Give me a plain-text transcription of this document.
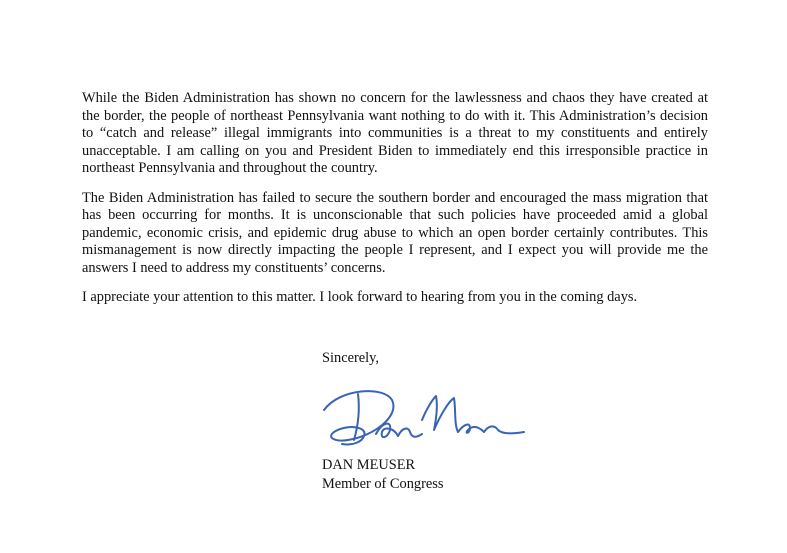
While the Biden Administration has shown no concern for the lawlessness and chaos they have created at the border, the people of northeast Pennsylvania want nothing to do with it. This Administration’s decision to “catch and release” illegal immigrants into communities is a threat to my constituents and entirely unacceptable. I am calling on you and President Biden to immediately end this irresponsible practice in northeast Pennsylvania and throughout the country.

The Biden Administration has failed to secure the southern border and encouraged the mass migration that has been occurring for months. It is unconscionable that such policies have proceeded amid a global pandemic, economic crisis, and epidemic drug abuse to which an open border certainly contributes. This mismanagement is now directly impacting the people I represent, and I expect you will provide me the answers I need to address my constituents’ concerns.

I appreciate your attention to this matter. I look forward to hearing from you in the coming days.

Sincerely,
DAN MEUSER
Member of Congress
